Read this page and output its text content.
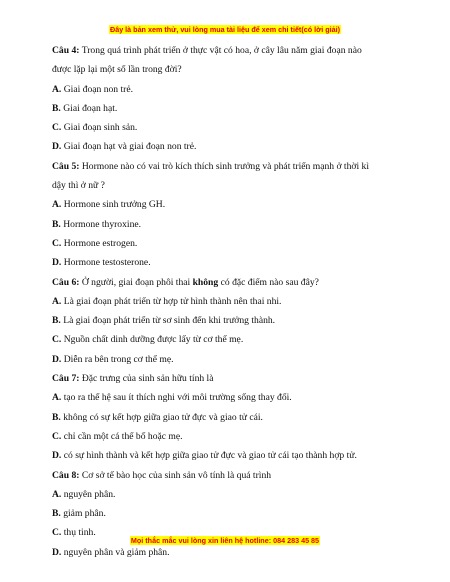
Đây là bản xem thử, vui lòng mua tài liệu để xem chi tiết(có lời giải)
Câu 4: Trong quá trình phát triển ở thực vật có hoa, ở cây lâu năm giai đoạn nào
được lặp lại một số lần trong đời?
A. Giai đoạn non trẻ.
B. Giai đoạn hạt.
C. Giai đoạn sinh sản.
D. Giai đoạn hạt và giai đoạn non trẻ.
Câu 5: Hormone nào có vai trò kích thích sinh trưởng và phát triển mạnh ở thời kì
dậy thì ở nữ ?
A. Hormone sinh trưởng GH.
B. Hormone thyroxine.
C. Hormone estrogen.
D. Hormone testosterone.
Câu 6: Ở người, giai đoạn phôi thai không có đặc điểm nào sau đây?
A. Là giai đoạn phát triển từ hợp tử hình thành nên thai nhi.
B. Là giai đoạn phát triển từ sơ sinh đến khi trưởng thành.
C. Nguồn chất dinh dưỡng được lấy từ cơ thể mẹ.
D. Diễn ra bên trong cơ thể mẹ.
Câu 7: Đặc trưng của sinh sản hữu tính là
A. tạo ra thế hệ sau ít thích nghi với môi trường sống thay đổi.
B. không có sự kết hợp giữa giao tử đực và giao tử cái.
C. chỉ cần một cá thể bố hoặc mẹ.
D. có sự hình thành và kết hợp giữa giao tử đực và giao tử cái tạo thành hợp tử.
Câu 8: Cơ sở tế bào học của sinh sản vô tính là quá trình
A. nguyên phân.
B. giảm phân.
C. thụ tinh.
D. nguyên phân và giảm phân.
Mọi thắc mắc vui lòng xin liên hệ hotline: 084 283 45 85
